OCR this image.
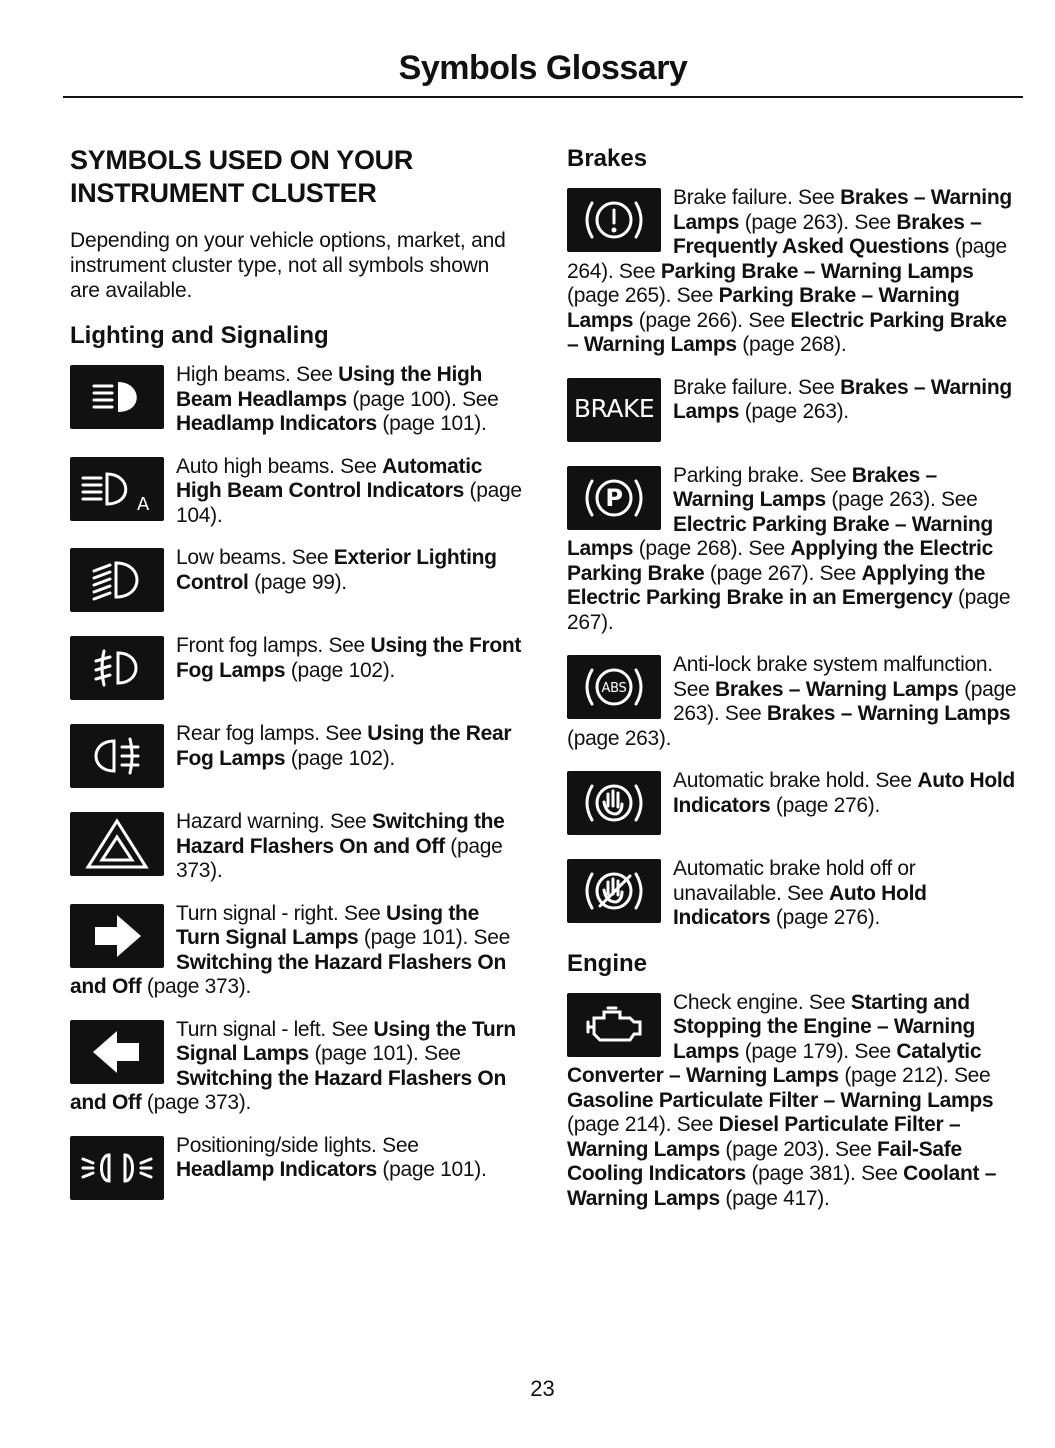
Symbols Glossary
SYMBOLS USED ON YOUR INSTRUMENT CLUSTER
Depending on your vehicle options, market, and instrument cluster type, not all symbols shown are available.
Lighting and Signaling
High beams. See Using the High Beam Headlamps (page 100). See Headlamp Indicators (page 101).
A
Auto high beams. See Automatic High Beam Control Indicators (page 104).
Low beams. See Exterior Lighting Control (page 99).
Front fog lamps. See Using the Front Fog Lamps (page 102).
Rear fog lamps. See Using the Rear Fog Lamps (page 102).
Hazard warning. See Switching the Hazard Flashers On and Off (page 373).
Turn signal - right. See Using the Turn Signal Lamps (page 101). See Switching the Hazard Flashers On and Off (page 373).
Turn signal - left. See Using the Turn Signal Lamps (page 101). See Switching the Hazard Flashers On and Off (page 373).
Positioning/side lights. See Headlamp Indicators (page 101).
Brakes
Brake failure. See Brakes – Warning Lamps (page 263). See Brakes – Frequently Asked Questions (page 264). See Parking Brake – Warning Lamps (page 265). See Parking Brake – Warning Lamps (page 266). See Electric Parking Brake – Warning Lamps (page 268).
BRAKE
Brake failure. See Brakes – Warning Lamps (page 263).
P
Parking brake. See Brakes – Warning Lamps (page 263). See Electric Parking Brake – Warning Lamps (page 268). See Applying the Electric Parking Brake (page 267). See Applying the Electric Parking Brake in an Emergency (page 267).
ABS
Anti-lock brake system malfunction. See Brakes – Warning Lamps (page 263). See Brakes – Warning Lamps (page 263).
Automatic brake hold. See Auto Hold Indicators (page 276).
Automatic brake hold off or unavailable. See Auto Hold Indicators (page 276).
Engine
Check engine. See Starting and Stopping the Engine – Warning Lamps (page 179). See Catalytic Converter – Warning Lamps (page 212). See Gasoline Particulate Filter – Warning Lamps (page 214). See Diesel Particulate Filter – Warning Lamps (page 203). See Fail-Safe Cooling Indicators (page 381). See Coolant – Warning Lamps (page 417).
23
